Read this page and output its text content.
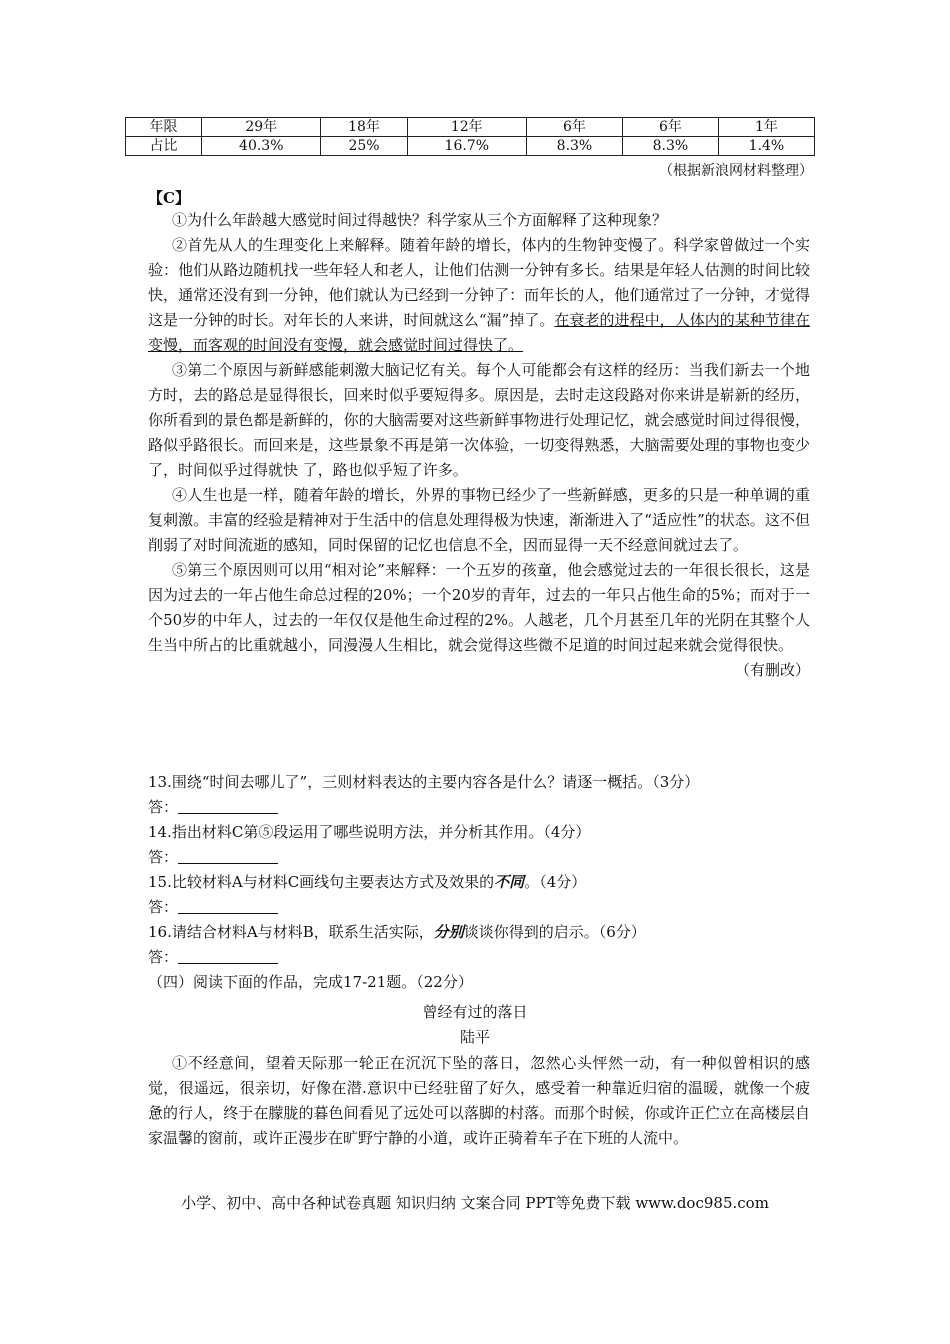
年限	29年	18年	12年	6年	6年	1年
占比	40.3%	25%	16.7%	8.3%	8.3%	1.4%
（根据新浪网材料整理）
【C】

①为什么年龄越大感觉时间过得越快？科学家从三个方面解释了这种现象？

②首先从人的生理变化上来解释。随着年龄的增长，体内的生物钟变慢了。科学家曾做过一个实验：他们从路边随机找一些年轻人和老人，让他们估测一分钟有多长。结果是年轻人估测的时间比较快，通常还没有到一分钟，他们就认为已经到一分钟了：而年长的人，他们通常过了一分钟，才觉得这是一分钟的时长。对年长的人来讲，时间就这么“漏”掉了。在衰老的进程中，人体内的某种节律在变慢，而客观的时间没有变慢，就会感觉时间过得快了。

③第二个原因与新鲜感能刺激大脑记忆有关。每个人可能都会有这样的经历：当我们新去一个地方时，去的路总是显得很长，回来时似乎要短得多。原因是，去时走这段路对你来讲是崭新的经历，你所看到的景色都是新鲜的，你的大脑需要对这些新鲜事物进行处理记忆，就会感觉时间过得很慢，路似乎路很长。而回来是，这些景象不再是第一次体验，一切变得熟悉，大脑需要处理的事物也变少了，时间似乎过得就快 了，路也似乎短了许多。

④人生也是一样，随着年龄的增长，外界的事物已经少了一些新鲜感，更多的只是一种单调的重复刺激。丰富的经验是精神对于生活中的信息处理得极为快速，渐渐进入了“适应性”的状态。这不但削弱了对时间流逝的感知，同时保留的记忆也信息不全，因而显得一天不经意间就过去了。

⑤第三个原因则可以用“相对论”来解释：一个五岁的孩童，他会感觉过去的一年很长很长，这是因为过去的一年占他生命总过程的20%；一个20岁的青年，过去的一年只占他生命的5%；而对于一个50岁的中年人，过去的一年仅仅是他生命过程的2%。人越老，几个月甚至几年的光阴在其整个人生当中所占的比重就越小，同漫漫人生相比，就会觉得这些微不足道的时间过起来就会觉得很快。

（有删改）

13.围绕“时间去哪儿了”，三则材料表达的主要内容各是什么？请逐一概括。（3分）

答：

14.指出材料C第⑤段运用了哪些说明方法，并分析其作用。（4分）

答：

15.比较材料A与材料C画线句主要表达方式及效果的不同。（4分）

答：

16.请结合材料A与材料B，联系生活实际，分别谈谈你得到的启示。（6分）

答：

（四）阅读下面的作品，完成17-21题。（22分）

曾经有过的落日
陆平

①不经意间，望着天际那一轮正在沉沉下坠的落日，忽然心头怦然一动，有一种似曾相识的感觉，很遥远，很亲切，好像在潜.意识中已经驻留了好久，感受着一种靠近归宿的温暖，就像一个疲惫的行人，终于在朦胧的暮色间看见了远处可以落脚的村落。而那个时候，你或许正伫立在高楼层自家温馨的窗前，或许正漫步在旷野宁静的小道，或许正骑着车子在下班的人流中。

小学、初中、高中各种试卷真题 知识归纳 文案合同 PPT等免费下载 www.doc985.com
